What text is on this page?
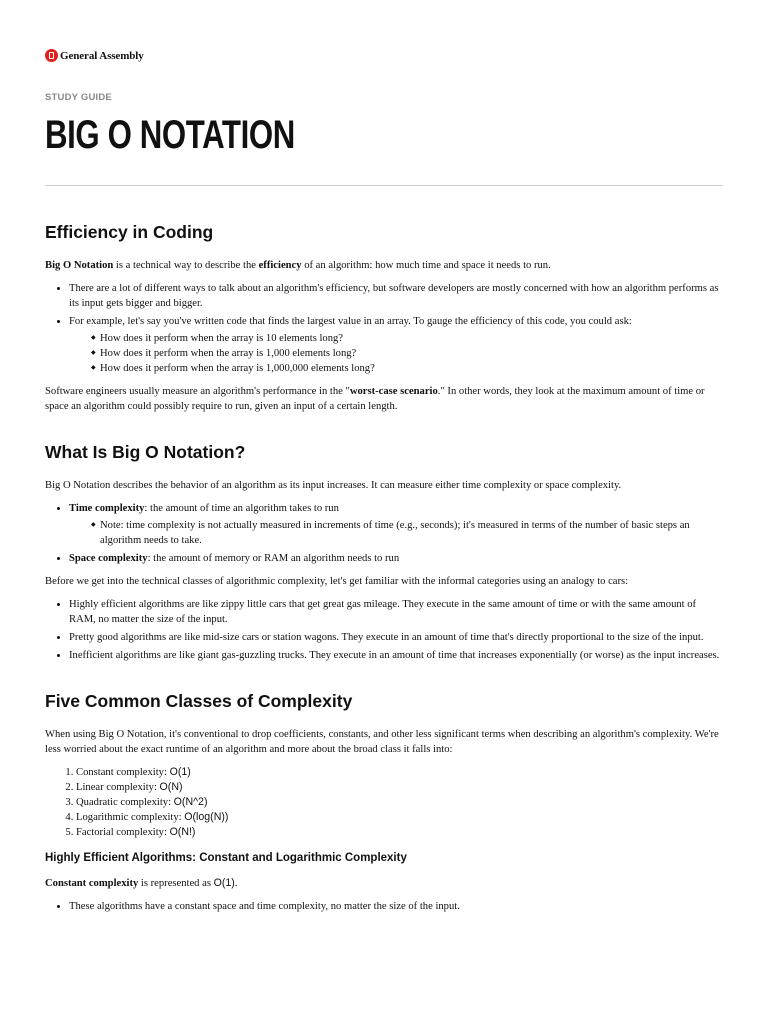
General Assembly
STUDY GUIDE
BIG O NOTATION
Efficiency in Coding

Big O Notation is a technical way to describe the efficiency of an algorithm: how much time and space it needs to run.

• There are a lot of different ways to talk about an algorithm's efficiency, but software developers are mostly concerned with how an algorithm performs as its input gets bigger and bigger.
• For example, let's say you've written code that finds the largest value in an array. To gauge the efficiency of this code, you could ask:
◆ How does it perform when the array is 10 elements long?
◆ How does it perform when the array is 1,000 elements long?
◆ How does it perform when the array is 1,000,000 elements long?

Software engineers usually measure an algorithm's performance in the "worst-case scenario." In other words, they look at the maximum amount of time or space an algorithm could possibly require to run, given an input of a certain length.

What Is Big O Notation?

Big O Notation describes the behavior of an algorithm as its input increases. It can measure either time complexity or space complexity.

• Time complexity: the amount of time an algorithm takes to run
◆ Note: time complexity is not actually measured in increments of time (e.g., seconds); it's measured in terms of the number of basic steps an algorithm needs to take.
• Space complexity: the amount of memory or RAM an algorithm needs to run

Before we get into the technical classes of algorithmic complexity, let's get familiar with the informal categories using an analogy to cars:

• Highly efficient algorithms are like zippy little cars that get great gas mileage. They execute in the same amount of time or with the same amount of RAM, no matter the size of the input.
• Pretty good algorithms are like mid-size cars or station wagons. They execute in an amount of time that's directly proportional to the size of the input.
• Inefficient algorithms are like giant gas-guzzling trucks. They execute in an amount of time that increases exponentially (or worse) as the input increases.
Five Common Classes of Complexity

When using Big O Notation, it's conventional to drop coefficients, constants, and other less significant terms when describing an algorithm's complexity. We're less worried about the exact runtime of an algorithm and more about the broad class it falls into:

1. Constant complexity: O(1)
2. Linear complexity: O(N)
3. Quadratic complexity: O(N^2)
4. Logarithmic complexity: O(log(N))
5. Factorial complexity: O(N!)
Highly Efficient Algorithms: Constant and Logarithmic Complexity

Constant complexity is represented as O(1).

• These algorithms have a constant space and time complexity, no matter the size of the input.
